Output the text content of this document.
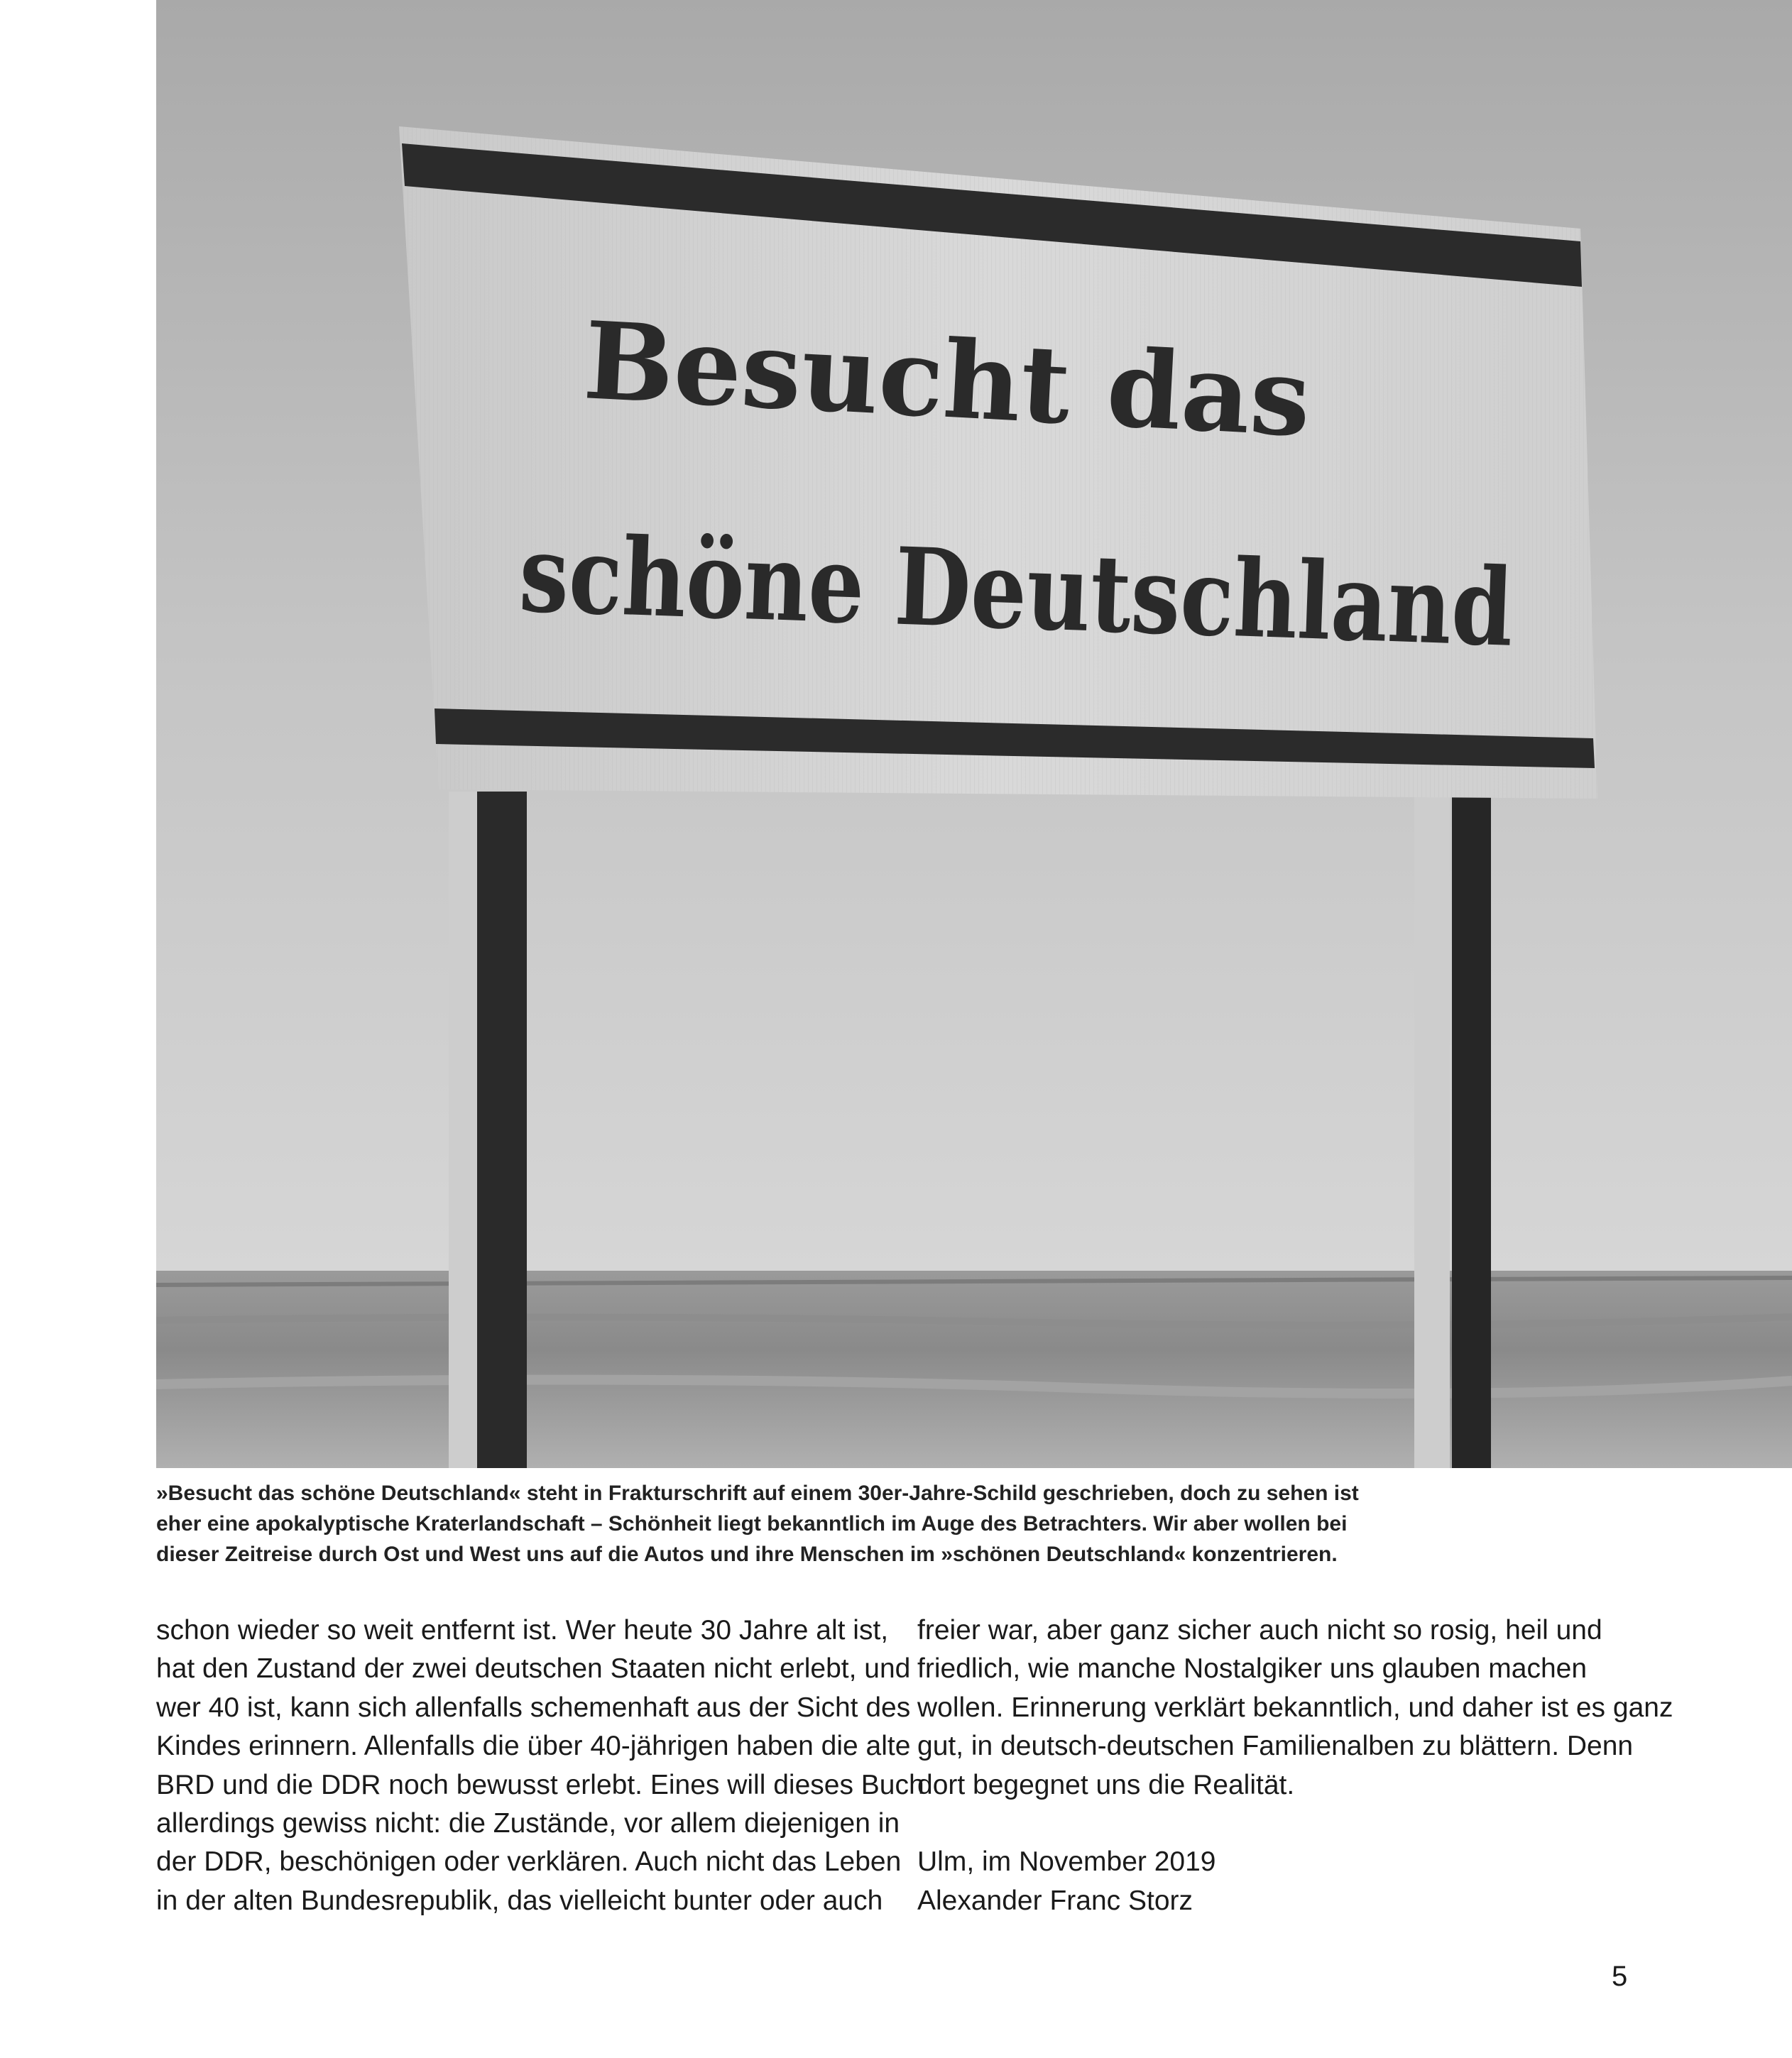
Besucht das
schöne Deutschland
»Besucht das schöne Deutschland« steht in Frakturschrift auf einem 30er-Jahre-Schild geschrieben, doch zu sehen ist
eher eine apokalyptische Kraterlandschaft – Schönheit liegt bekanntlich im Auge des Betrachters. Wir aber wollen bei
dieser Zeitreise durch Ost und West uns auf die Autos und ihre Menschen im »schönen Deutschland« konzentrieren.
schon wieder so weit entfernt ist. Wer heute 30 Jahre alt ist,
hat den Zustand der zwei deutschen Staaten nicht erlebt, und
wer 40 ist, kann sich allenfalls schemenhaft aus der Sicht des
Kindes erinnern. Allenfalls die über 40-jährigen haben die alte
BRD und die DDR noch bewusst erlebt. Eines will dieses Buch
allerdings gewiss nicht: die Zustände, vor allem diejenigen in
der DDR, beschönigen oder verklären. Auch nicht das Leben
in der alten Bundesrepublik, das vielleicht bunter oder auch
freier war, aber ganz sicher auch nicht so rosig, heil und
friedlich, wie manche Nostalgiker uns glauben machen
wollen. Erinnerung verklärt bekanntlich, und daher ist es ganz
gut, in deutsch-deutschen Familienalben zu blättern. Denn
dort begegnet uns die Realität.
Ulm, im November 2019
Alexander Franc Storz
5
